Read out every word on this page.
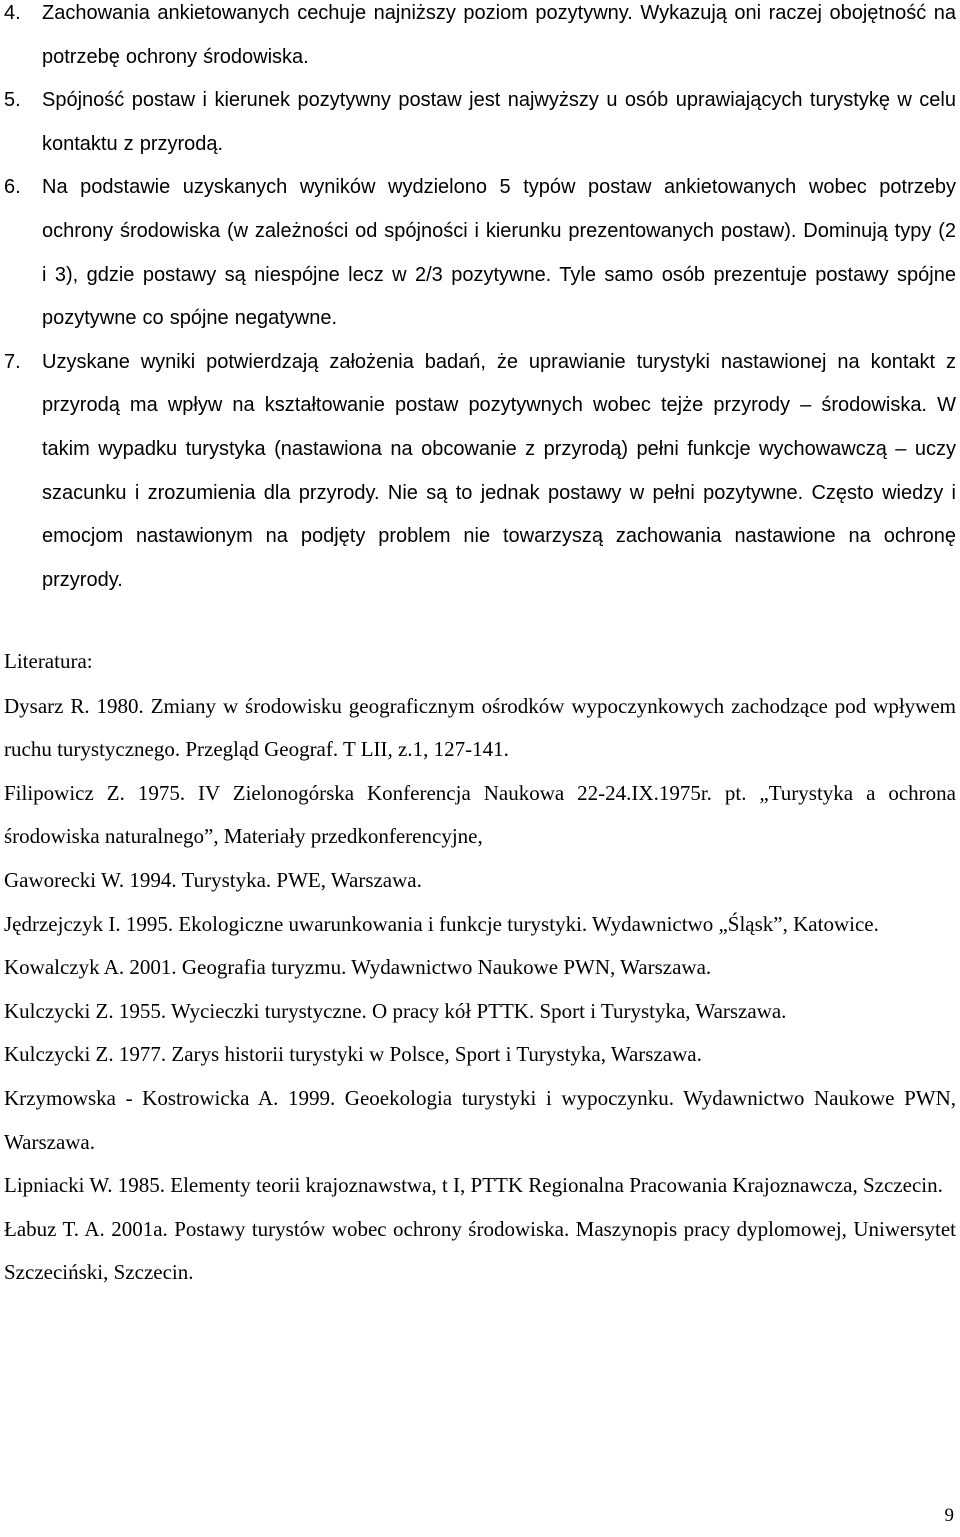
4.	Zachowania ankietowanych cechuje najniższy poziom pozytywny. Wykazują oni raczej obojętność na potrzebę ochrony środowiska.

5.	Spójność postaw i kierunek pozytywny postaw jest najwyższy u osób uprawiających turystykę w celu kontaktu z przyrodą.

6.	Na podstawie uzyskanych wyników wydzielono 5 typów postaw ankietowanych wobec potrzeby ochrony środowiska (w zależności od spójności i kierunku prezentowanych postaw). Dominują typy (2 i 3), gdzie postawy są niespójne lecz w 2/3 pozytywne. Tyle samo osób prezentuje postawy spójne pozytywne co spójne negatywne.

7.	Uzyskane wyniki potwierdzają założenia badań, że uprawianie turystyki nastawionej na kontakt z przyrodą ma wpływ na kształtowanie postaw pozytywnych wobec tejże przyrody – środowiska. W takim wypadku turystyka (nastawiona na obcowanie z przyrodą) pełni funkcje wychowawczą – uczy szacunku i zrozumienia dla przyrody. Nie są to jednak postawy w pełni pozytywne. Często wiedzy i emocjom nastawionym na podjęty problem nie towarzyszą zachowania nastawione na ochronę przyrody.

Literatura:

Dysarz R. 1980. Zmiany w środowisku geograficznym ośrodków wypoczynkowych zachodzące pod wpływem ruchu turystycznego. Przegląd Geograf. T LII, z.1, 127-141.

Filipowicz Z. 1975. IV Zielonogórska Konferencja Naukowa 22-24.IX.1975r. pt. „Turystyka a ochrona środowiska naturalnego”, Materiały przedkonferencyjne,

Gaworecki W. 1994. Turystyka. PWE, Warszawa.

Jędrzejczyk I. 1995. Ekologiczne uwarunkowania i funkcje turystyki. Wydawnictwo „Śląsk”, Katowice.

Kowalczyk A. 2001. Geografia turyzmu. Wydawnictwo Naukowe PWN, Warszawa.

Kulczycki Z. 1955. Wycieczki turystyczne. O pracy kół PTTK. Sport i Turystyka, Warszawa.

Kulczycki Z. 1977. Zarys historii turystyki w Polsce, Sport i Turystyka, Warszawa.

Krzymowska - Kostrowicka A. 1999. Geoekologia turystyki i wypoczynku. Wydawnictwo Naukowe PWN, Warszawa.

Lipniacki W. 1985. Elementy teorii krajoznawstwa, t I, PTTK Regionalna Pracowania Krajoznawcza, Szczecin.

Łabuz T. A. 2001a. Postawy turystów wobec ochrony środowiska. Maszynopis pracy dyplomowej, Uniwersytet Szczeciński, Szczecin.

9
